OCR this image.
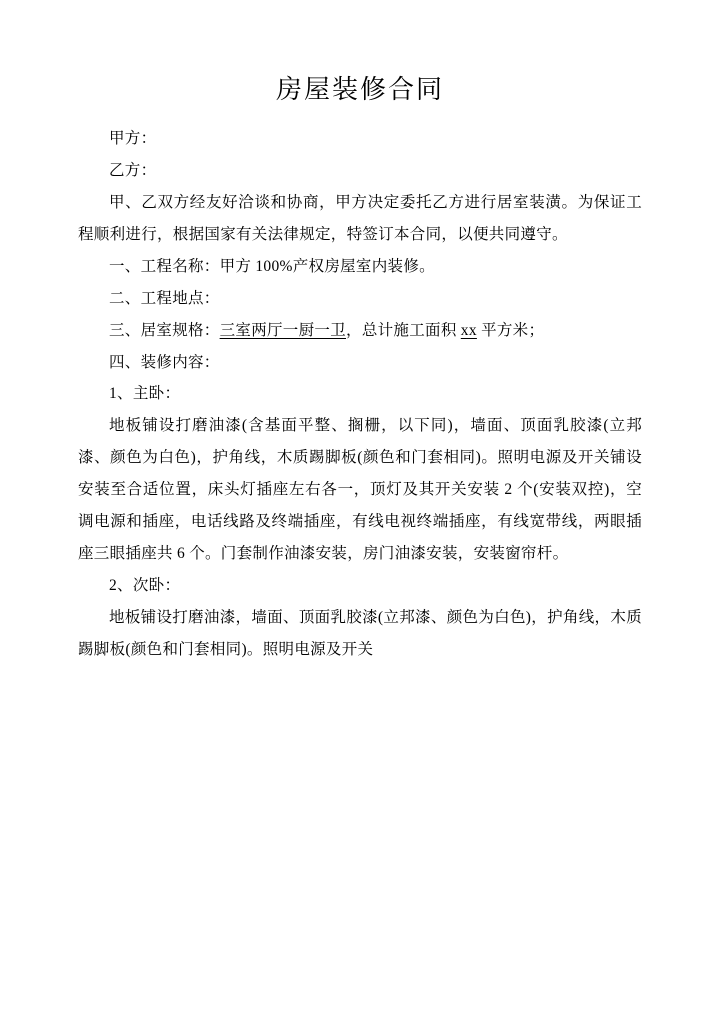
房屋装修合同

甲方：

乙方：

甲、乙双方经友好洽谈和协商，甲方决定委托乙方进行居室装潢。为保证工程顺利进行，根据国家有关法律规定，特签订本合同，以便共同遵守。

一、工程名称：甲方 100%产权房屋室内装修。

二、工程地点：

三、居室规格：三室两厅一厨一卫，总计施工面积 xx 平方米；

四、装修内容：

1、主卧：

地板铺设打磨油漆(含基面平整、搁栅，以下同)，墙面、顶面乳胶漆(立邦漆、颜色为白色)，护角线，木质踢脚板(颜色和门套相同)。照明电源及开关铺设安装至合适位置，床头灯插座左右各一，顶灯及其开关安装 2 个(安装双控)，空调电源和插座，电话线路及终端插座，有线电视终端插座，有线宽带线，两眼插座三眼插座共 6 个。门套制作油漆安装，房门油漆安装，安装窗帘杆。

2、次卧：

地板铺设打磨油漆，墙面、顶面乳胶漆(立邦漆、颜色为白色)，护角线，木质踢脚板(颜色和门套相同)。照明电源及开关
